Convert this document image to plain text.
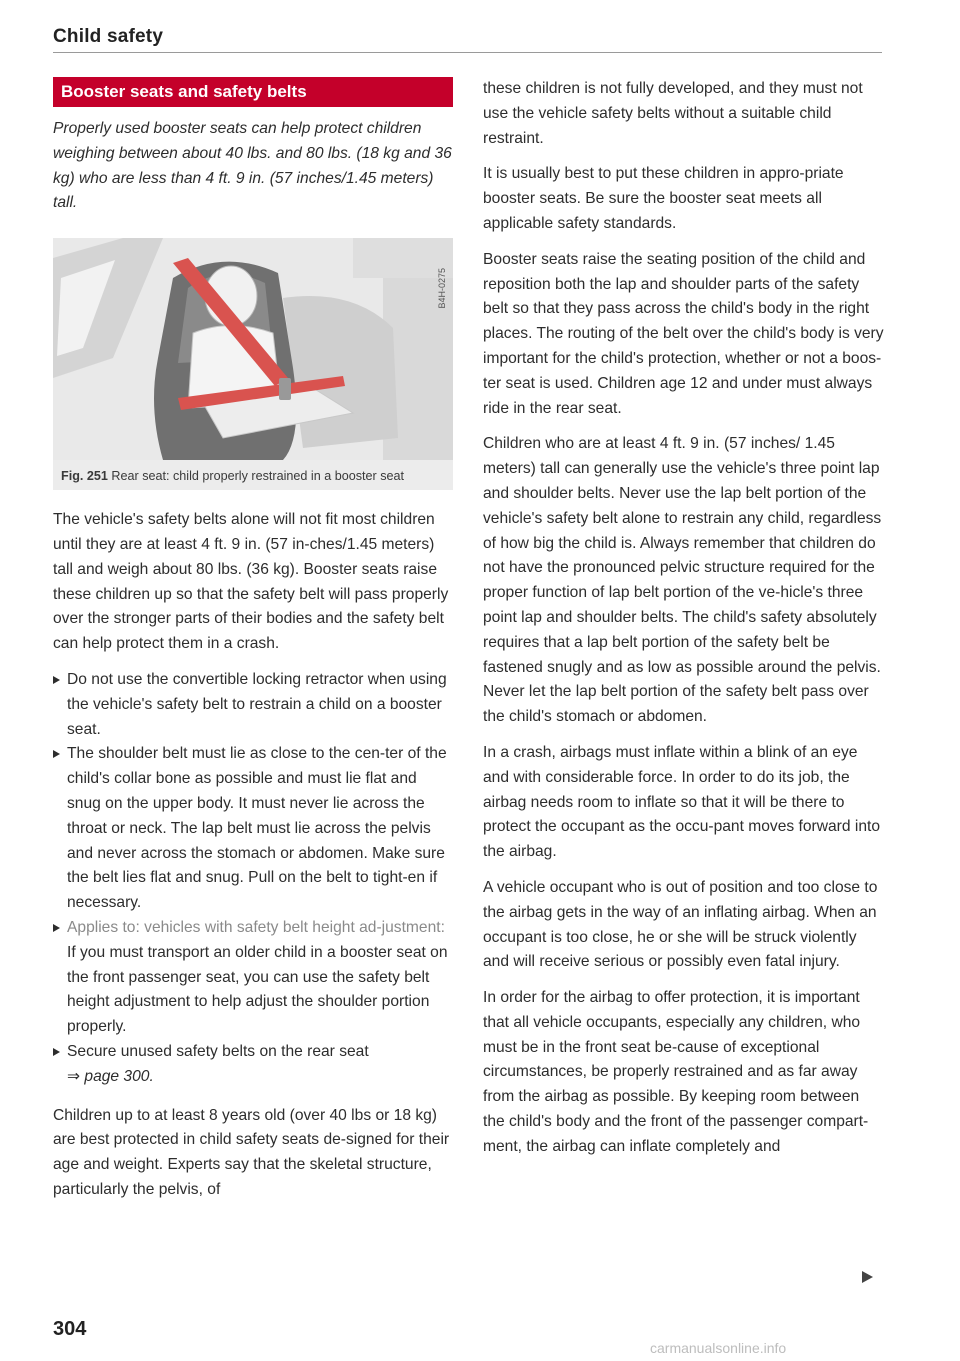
Child safety
Booster seats and safety belts

Properly used booster seats can help protect children weighing between about 40 lbs. and 80 lbs. (18 kg and 36 kg) who are less than 4 ft. 9 in. (57 inches/1.45 meters) tall.

B4H-0275
Fig. 251 Rear seat: child properly restrained in a booster seat

The vehicle's safety belts alone will not fit most children until they are at least 4 ft. 9 in. (57 in-ches/1.45 meters) tall and weigh about 80 lbs. (36 kg). Booster seats raise these children up so that the safety belt will pass properly over the stronger parts of their bodies and the safety belt can help protect them in a crash.

Do not use the convertible locking retractor when using the vehicle's safety belt to restrain a child on a booster seat.
The shoulder belt must lie as close to the cen-ter of the child's collar bone as possible and must lie flat and snug on the upper body. It must never lie across the throat or neck. The lap belt must lie across the pelvis and never across the stomach or abdomen. Make sure the belt lies flat and snug. Pull on the belt to tight-en if necessary.
Applies to: vehicles with safety belt height ad-justment: If you must transport an older child in a booster seat on the front passenger seat, you can use the safety belt height adjustment to help adjust the shoulder portion properly.
Secure unused safety belts on the rear seat
⇒ page 300.

Children up to at least 8 years old (over 40 lbs or 18 kg) are best protected in child safety seats de-signed for their age and weight. Experts say that the skeletal structure, particularly the pelvis, of

these children is not fully developed, and they must not use the vehicle safety belts without a suitable child restraint.

It is usually best to put these children in appro-priate booster seats. Be sure the booster seat meets all applicable safety standards.

Booster seats raise the seating position of the child and reposition both the lap and shoulder parts of the safety belt so that they pass across the child's body in the right places. The routing of the belt over the child's body is very important for the child's protection, whether or not a boos-ter seat is used. Children age 12 and under must always ride in the rear seat.

Children who are at least 4 ft. 9 in. (57 inches/ 1.45 meters) tall can generally use the vehicle's three point lap and shoulder belts. Never use the lap belt portion of the vehicle's safety belt alone to restrain any child, regardless of how big the child is. Always remember that children do not have the pronounced pelvic structure required for the proper function of lap belt portion of the ve-hicle's three point lap and shoulder belts. The child's safety absolutely requires that a lap belt portion of the safety belt be fastened snugly and as low as possible around the pelvis. Never let the lap belt portion of the safety belt pass over the child's stomach or abdomen.

In a crash, airbags must inflate within a blink of an eye and with considerable force. In order to do its job, the airbag needs room to inflate so that it will be there to protect the occupant as the occu-pant moves forward into the airbag.

A vehicle occupant who is out of position and too close to the airbag gets in the way of an inflating airbag. When an occupant is too close, he or she will be struck violently and will receive serious or possibly even fatal injury.

In order for the airbag to offer protection, it is important that all vehicle occupants, especially any children, who must be in the front seat be-cause of exceptional circumstances, be properly restrained and as far away from the airbag as possible. By keeping room between the child's body and the front of the passenger compart-ment, the airbag can inflate completely and

304
carmanualsonline.info
